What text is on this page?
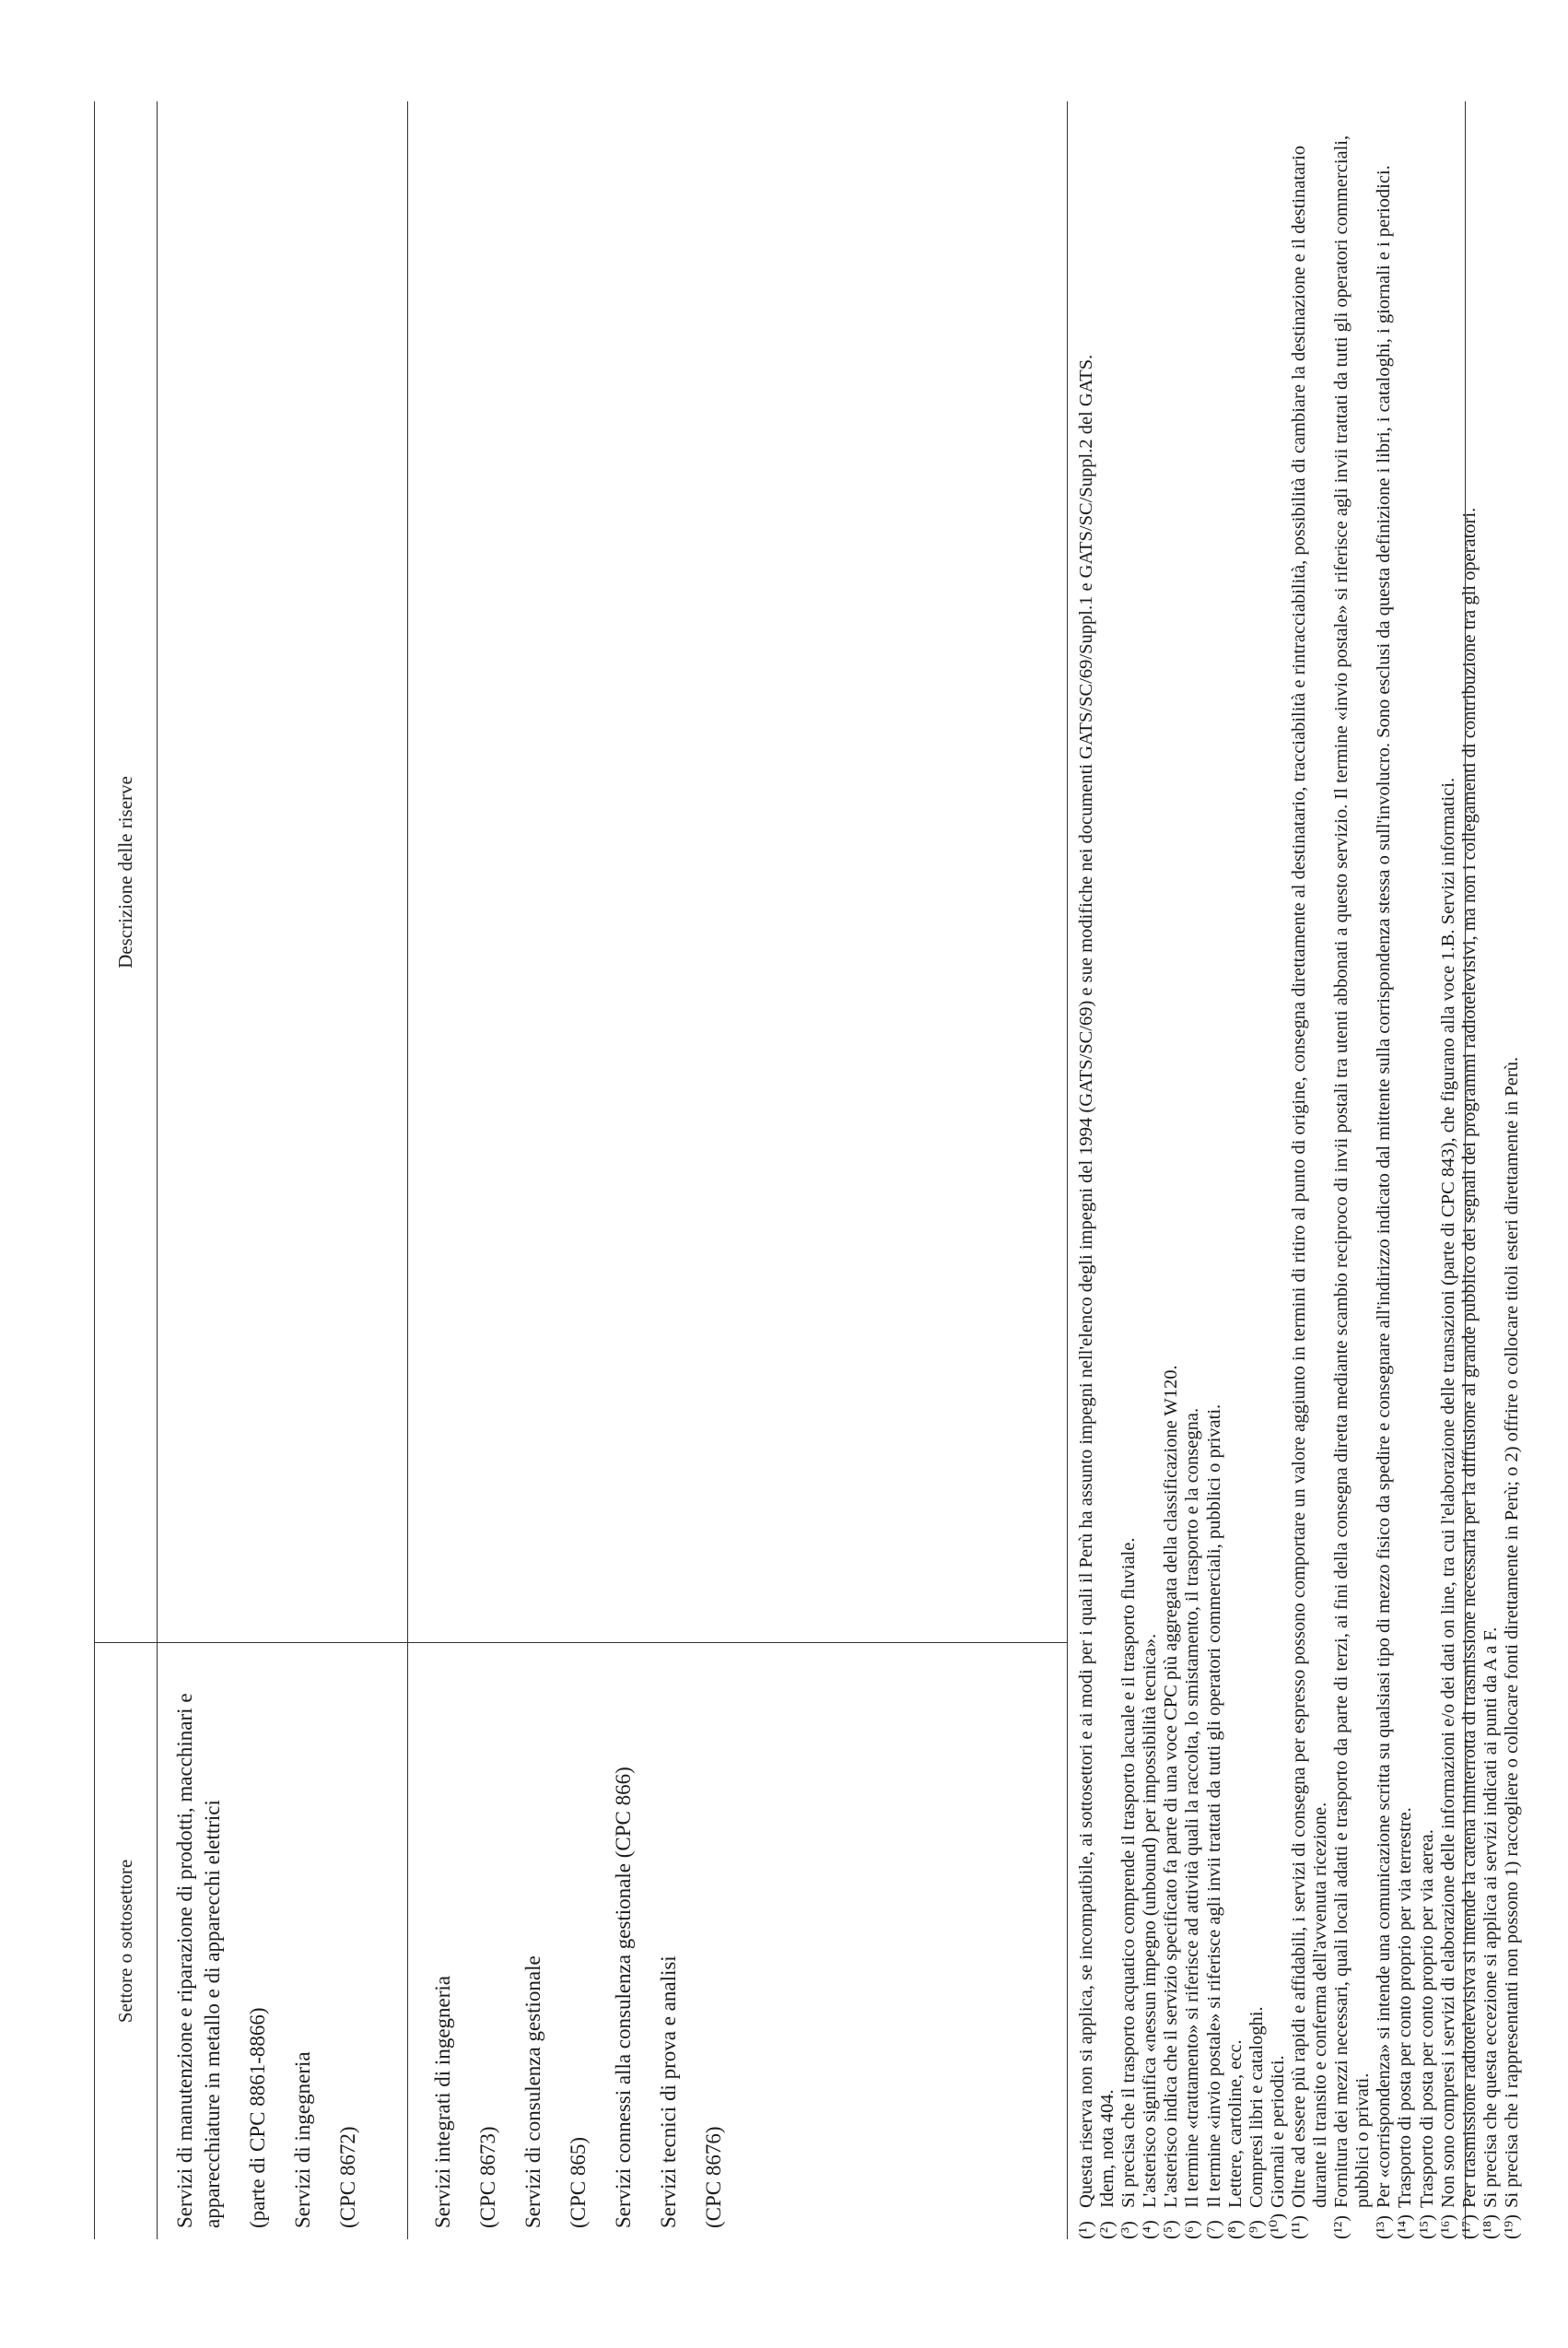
Settore o sottosettore
Descrizione delle riserve

Servizi di manutenzione e riparazione di prodotti, macchinari e apparecchiature in metallo e di apparecchi elettrici (parte di CPC 8861-8866) Servizi di ingegneria (CPC 8672)	Servizi integrati di ingegneria (CPC 8673) Servizi di consulenza gestionale (CPC 865) Servizi connessi alla consulenza gestionale (CPC 866) Servizi tecnici di prova e analisi (CPC 8676)

(¹)
Questa riserva non si applica, se incompatibile, ai sottosettori e ai modi per i quali il Perù ha assunto impegni nell'elenco degli impegni del 1994 (GATS/SC/69) e sue modifiche nei documenti GATS/SC/69/Suppl.1 e GATS/SC/Suppl.2 del GATS.
(²)
Idem, nota 404.
(³)
Si precisa che il trasporto acquatico comprende il trasporto lacuale e il trasporto fluviale.
(⁴)
L'asterisco significa «nessun impegno (unbound) per impossibilità tecnica».
(⁵)
L'asterisco indica che il servizio specificato fa parte di una voce CPC più aggregata della classificazione W120.
(⁶)
Il termine «trattamento» si riferisce ad attività quali la raccolta, lo smistamento, il trasporto e la consegna.
(⁷)
Il termine «invio postale» si riferisce agli invii trattati da tutti gli operatori commerciali, pubblici o privati.
(⁸)
Lettere, cartoline, ecc.
(⁹)
Compresi libri e cataloghi.
(¹⁰)
Giornali e periodici.
(¹¹)
Oltre ad essere più rapidi e affidabili, i servizi di consegna per espresso possono comportare un valore aggiunto in termini di ritiro al punto di origine, consegna direttamente al destinatario, tracciabilità e rintracciabilità, possibilità di cambiare la destinazione e il destinatario durante il transito e conferma dell'avvenuta ricezione.
(¹²)
Fornitura dei mezzi necessari, quali locali adatti e trasporto da parte di terzi, ai fini della consegna diretta mediante scambio reciproco di invii postali tra utenti abbonati a questo servizio. Il termine «invio postale» si riferisce agli invii trattati da tutti gli operatori commerciali, pubblici o privati.
(¹³)
Per «corrispondenza» si intende una comunicazione scritta su qualsiasi tipo di mezzo fisico da spedire e consegnare all'indirizzo indicato dal mittente sulla corrispondenza stessa o sull'involucro. Sono esclusi da questa definizione i libri, i cataloghi, i giornali e i periodici.
(¹⁴)
Trasporto di posta per conto proprio per via terrestre.
(¹⁵)
Trasporto di posta per conto proprio per via aerea.
(¹⁶)
Non sono compresi i servizi di elaborazione delle informazioni e/o dei dati on line, tra cui l'elaborazione delle transazioni (parte di CPC 843), che figurano alla voce 1.B. Servizi informatici.
(¹⁷)
Per trasmissione radiotelevisiva si intende la catena ininterrotta di trasmissione necessaria per la diffusione al grande pubblico dei segnali dei programmi radiotelevisivi, ma non i collegamenti di contribuzione tra gli operatori.
(¹⁸)
Si precisa che questa eccezione si applica ai servizi indicati ai punti da A a F.
(¹⁹)
Si precisa che i rappresentanti non possono 1) raccogliere o collocare fonti direttamente in Perù; o 2) offrire o collocare titoli esteri direttamente in Perù.
